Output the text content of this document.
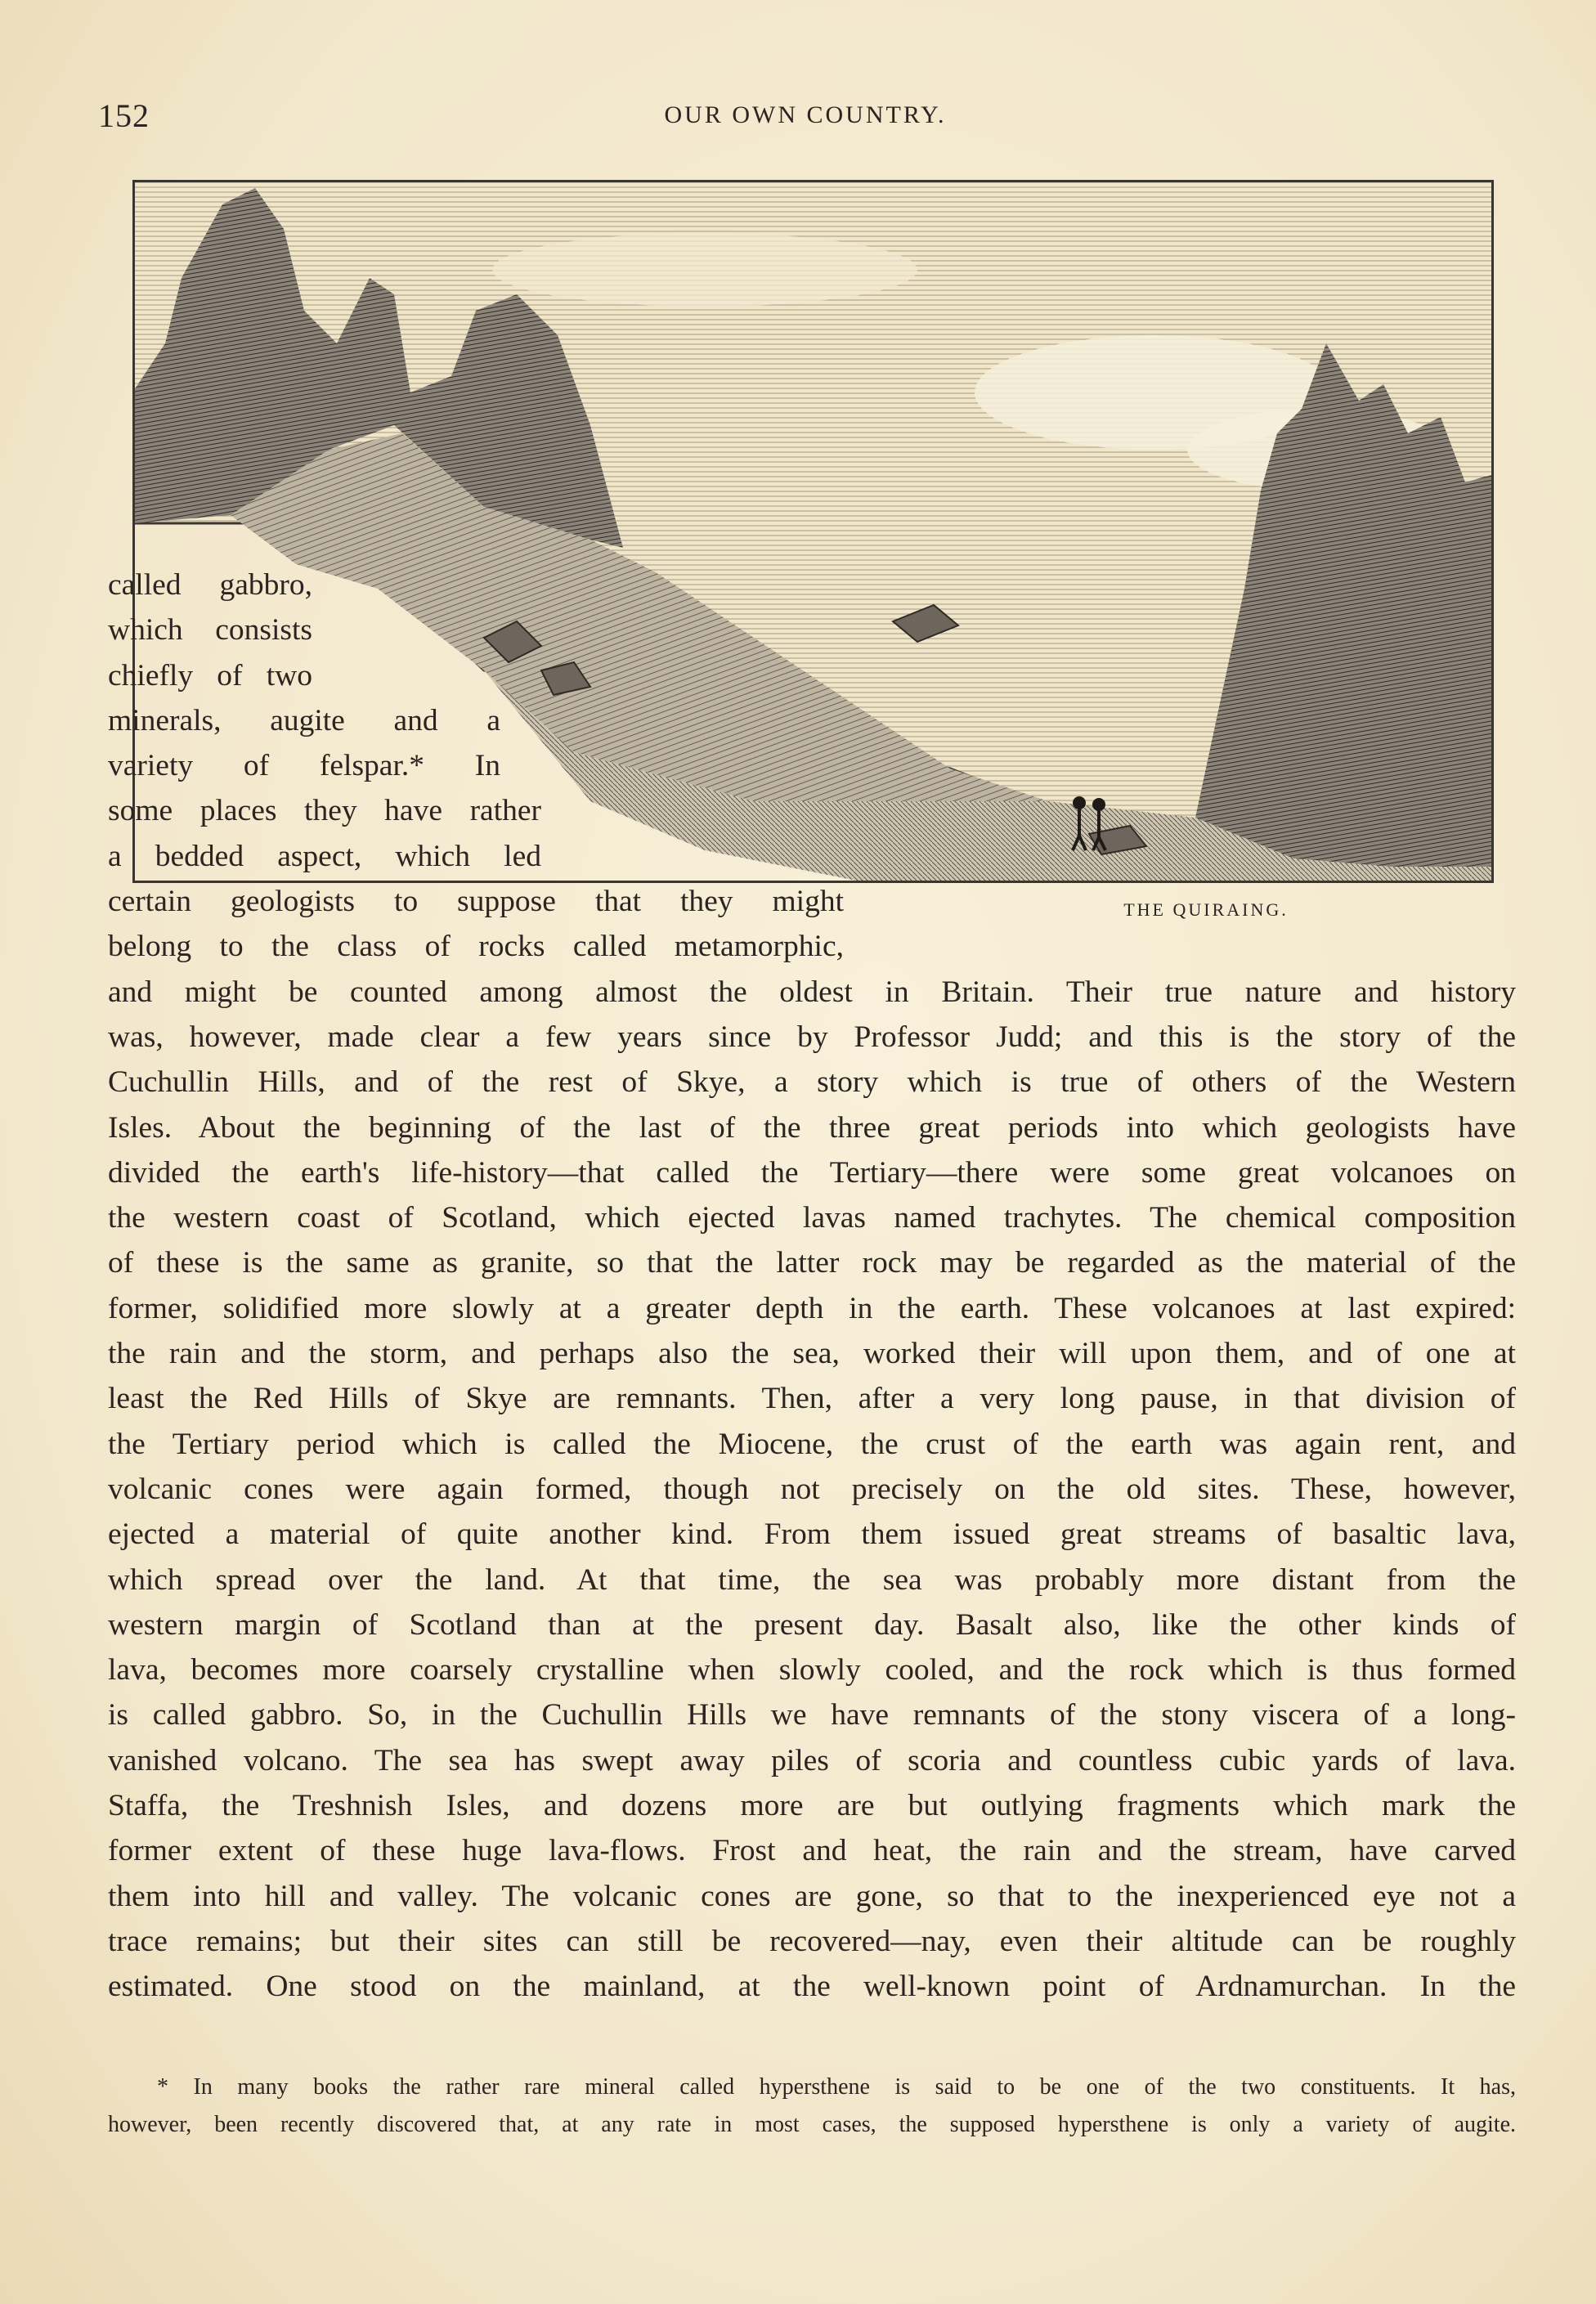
152	OUR OWN COUNTRY.
THE QUIRAING.
called gabbro,
which consists
chiefly of two
minerals, augite and a
variety of felspar.* In
some places they have rather
a bedded aspect, which led
certain geologists to suppose that they might
belong to the class of rocks called metamorphic,
and might be counted among almost the oldest in Britain. Their true nature and history
was, however, made clear a few years since by Professor Judd; and this is the story of the
Cuchullin Hills, and of the rest of Skye, a story which is true of others of the Western
Isles. About the beginning of the last of the three great periods into which geologists have
divided the earth's life-history—that called the Tertiary—there were some great volcanoes on
the western coast of Scotland, which ejected lavas named trachytes. The chemical composition
of these is the same as granite, so that the latter rock may be regarded as the material of the
former, solidified more slowly at a greater depth in the earth. These volcanoes at last expired:
the rain and the storm, and perhaps also the sea, worked their will upon them, and of one at
least the Red Hills of Skye are remnants. Then, after a very long pause, in that division of
the Tertiary period which is called the Miocene, the crust of the earth was again rent, and
volcanic cones were again formed, though not precisely on the old sites. These, however,
ejected a material of quite another kind. From them issued great streams of basaltic lava,
which spread over the land. At that time, the sea was probably more distant from the
western margin of Scotland than at the present day. Basalt also, like the other kinds of
lava, becomes more coarsely crystalline when slowly cooled, and the rock which is thus formed
is called gabbro. So, in the Cuchullin Hills we have remnants of the stony viscera of a long-
vanished volcano. The sea has swept away piles of scoria and countless cubic yards of lava.
Staffa, the Treshnish Isles, and dozens more are but outlying fragments which mark the
former extent of these huge lava-flows. Frost and heat, the rain and the stream, have carved
them into hill and valley. The volcanic cones are gone, so that to the inexperienced eye not a
trace remains; but their sites can still be recovered—nay, even their altitude can be roughly
estimated. One stood on the mainland, at the well-known point of Ardnamurchan. In the
* In many books the rather rare mineral called hypersthene is said to be one of the two constituents. It has,
however, been recently discovered that, at any rate in most cases, the supposed hypersthene is only a variety of augite.
